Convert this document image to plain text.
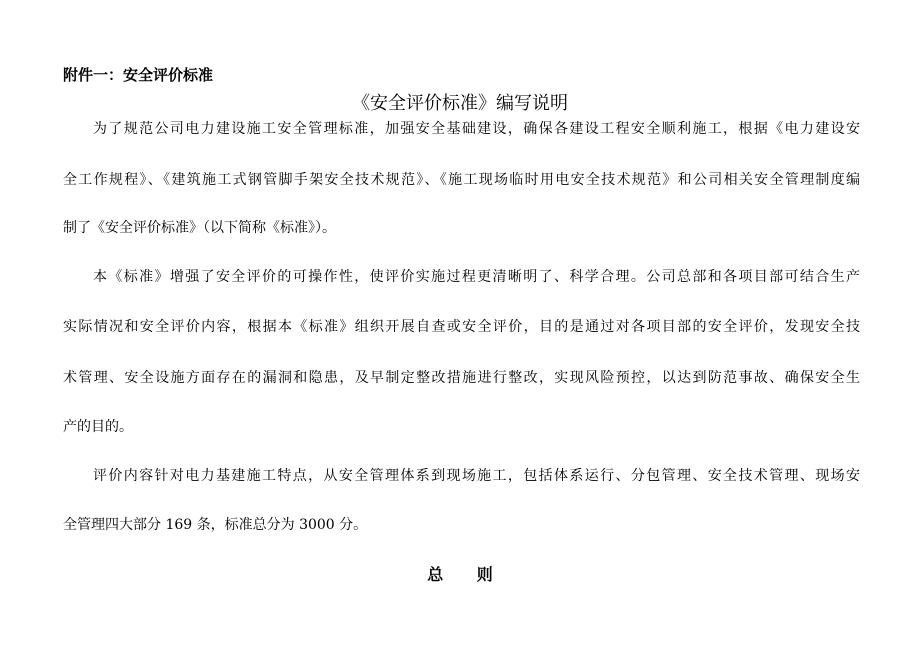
附件一：安全评价标准
《安全评价标准》编写说明
为了规范公司电力建设施工安全管理标准，加强安全基础建设，确保各建设工程安全顺利施工，根据《电力建设安
全工作规程》、《建筑施工式钢管脚手架安全技术规范》、《施工现场临时用电安全技术规范》和公司相关安全管理制度编
制了《安全评价标准》（以下简称《标准》）。
本《标准》增强了安全评价的可操作性，使评价实施过程更清晰明了、科学合理。公司总部和各项目部可结合生产
实际情况和安全评价内容，根据本《标准》组织开展自查或安全评价，目的是通过对各项目部的安全评价，发现安全技
术管理、安全设施方面存在的漏洞和隐患，及早制定整改措施进行整改，实现风险预控，以达到防范事故、确保安全生
产的目的。
评价内容针对电力基建施工特点，从安全管理体系到现场施工，包括体系运行、分包管理、安全技术管理、现场安
全管理四大部分 169 条，标准总分为 3000 分。
总      则
